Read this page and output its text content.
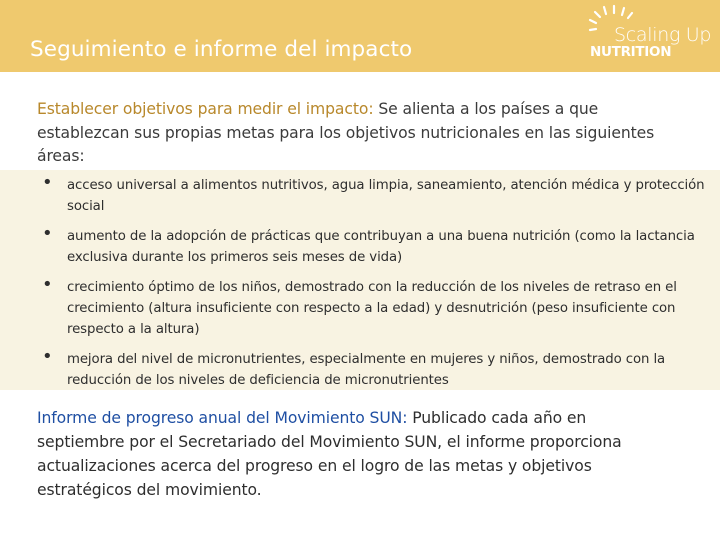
Seguimiento e informe del impacto
Scaling Up
NUTRITION
Establecer objetivos para medir el impacto: Se alienta a los países a que establezcan sus propias metas para los objetivos nutricionales en las siguientes áreas:
• acceso universal a alimentos nutritivos, agua limpia, saneamiento, atención médica y protección social
• aumento de la adopción de prácticas que contribuyan a una buena nutrición (como la lactancia exclusiva durante los primeros seis meses de vida)
• crecimiento óptimo de los niños, demostrado con la reducción de los niveles de retraso en el crecimiento (altura insuficiente con respecto a la edad) y desnutrición (peso insuficiente con respecto a la altura)
• mejora del nivel de micronutrientes, especialmente en mujeres y niños, demostrado con la reducción de los niveles de deficiencia de micronutrientes
Informe de progreso anual del Movimiento SUN: Publicado cada año en septiembre por el Secretariado del Movimiento SUN, el informe proporciona actualizaciones acerca del progreso en el logro de las metas y objetivos estratégicos del movimiento.
